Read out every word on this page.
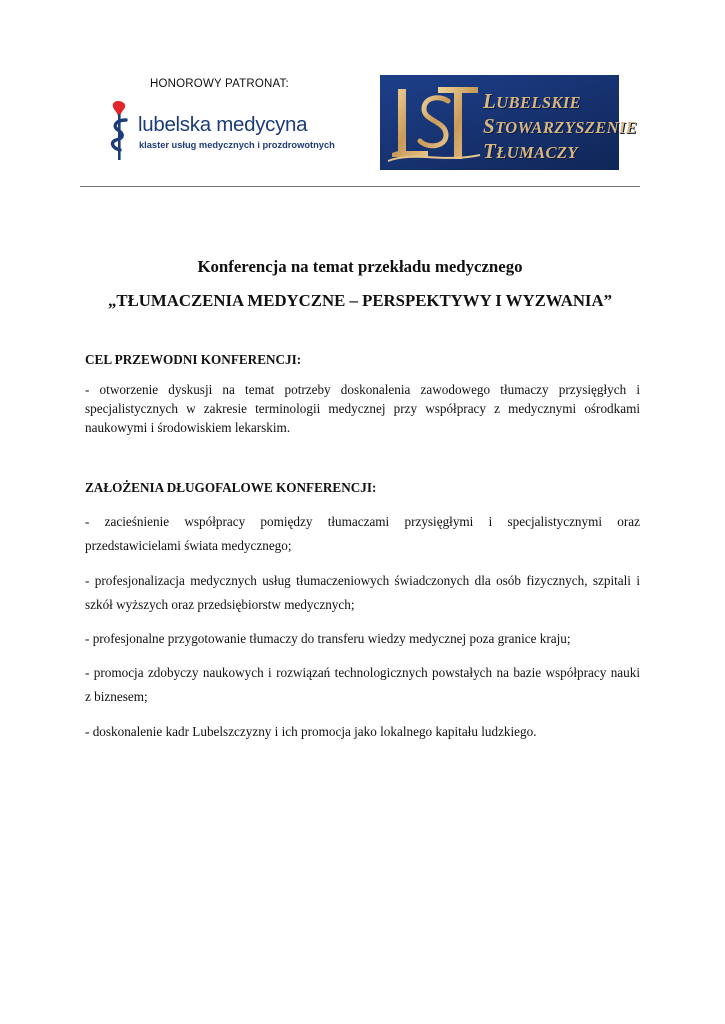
HONOROWY PATRONAT:
lubelska medycyna
klaster usług medycznych i prozdrowotnych
LUBELSKIE
STOWARZYSZENIE
TŁUMACZY
Konferencja na temat przekładu medycznego
„TŁUMACZENIA MEDYCZNE – PERSPEKTYWY I WYZWANIA”
CEL PRZEWODNI KONFERENCJI:
- otworzenie dyskusji na temat potrzeby doskonalenia zawodowego tłumaczy przysięgłych i specjalistycznych w zakresie terminologii medycznej przy współpracy z medycznymi ośrodkami naukowymi i środowiskiem lekarskim.
ZAŁOŻENIA DŁUGOFALOWE KONFERENCJI:
- zacieśnienie współpracy pomiędzy tłumaczami przysięgłymi i specjalistycznymi oraz
przedstawicielami świata medycznego;
- profesjonalizacja medycznych usług tłumaczeniowych świadczonych dla osób fizycznych, szpitali i
szkół wyższych oraz przedsiębiorstw medycznych;
- profesjonalne przygotowanie tłumaczy do transferu wiedzy medycznej poza granice kraju;
- promocja zdobyczy naukowych i rozwiązań technologicznych powstałych na bazie współpracy nauki
z biznesem;
- doskonalenie kadr Lubelszczyzny i ich promocja jako lokalnego kapitału ludzkiego.
